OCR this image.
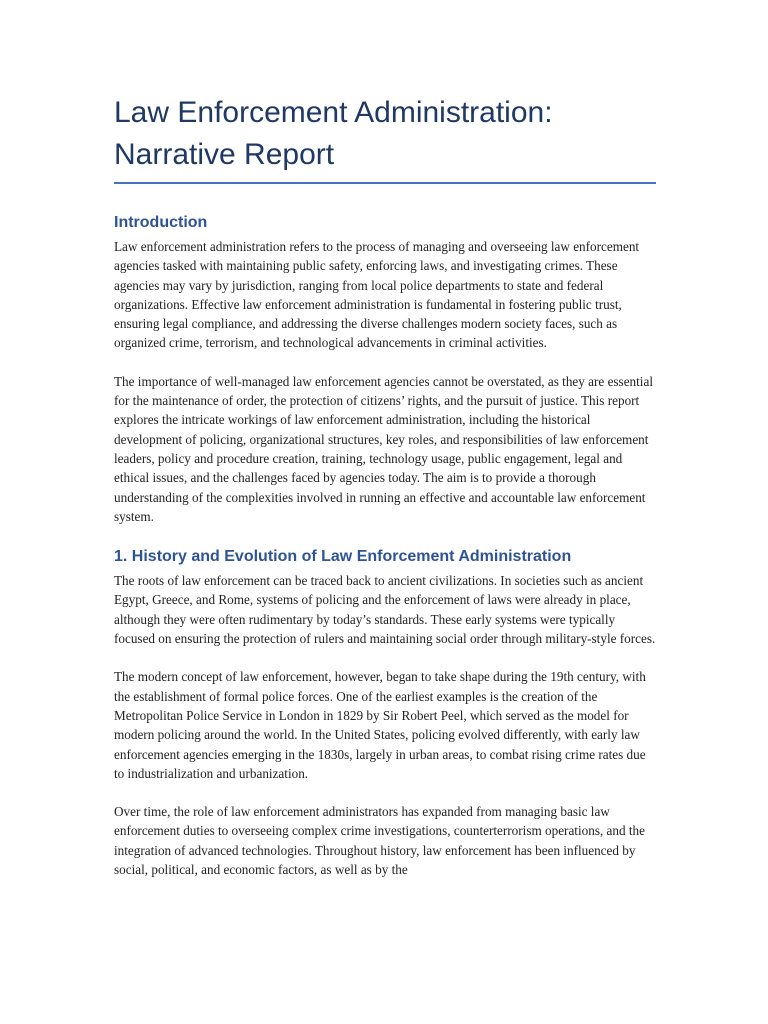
Law Enforcement Administration: Narrative Report
Introduction

Law enforcement administration refers to the process of managing and overseeing law enforcement agencies tasked with maintaining public safety, enforcing laws, and investigating crimes. These agencies may vary by jurisdiction, ranging from local police departments to state and federal organizations. Effective law enforcement administration is fundamental in fostering public trust, ensuring legal compliance, and addressing the diverse challenges modern society faces, such as organized crime, terrorism, and technological advancements in criminal activities.

The importance of well-managed law enforcement agencies cannot be overstated, as they are essential for the maintenance of order, the protection of citizens’ rights, and the pursuit of justice. This report explores the intricate workings of law enforcement administration, including the historical development of policing, organizational structures, key roles, and responsibilities of law enforcement leaders, policy and procedure creation, training, technology usage, public engagement, legal and ethical issues, and the challenges faced by agencies today. The aim is to provide a thorough understanding of the complexities involved in running an effective and accountable law enforcement system.

1. History and Evolution of Law Enforcement Administration

The roots of law enforcement can be traced back to ancient civilizations. In societies such as ancient Egypt, Greece, and Rome, systems of policing and the enforcement of laws were already in place, although they were often rudimentary by today’s standards. These early systems were typically focused on ensuring the protection of rulers and maintaining social order through military-style forces.

The modern concept of law enforcement, however, began to take shape during the 19th century, with the establishment of formal police forces. One of the earliest examples is the creation of the Metropolitan Police Service in London in 1829 by Sir Robert Peel, which served as the model for modern policing around the world. In the United States, policing evolved differently, with early law enforcement agencies emerging in the 1830s, largely in urban areas, to combat rising crime rates due to industrialization and urbanization.

Over time, the role of law enforcement administrators has expanded from managing basic law enforcement duties to overseeing complex crime investigations, counterterrorism operations, and the integration of advanced technologies. Throughout history, law enforcement has been influenced by social, political, and economic factors, as well as by the
